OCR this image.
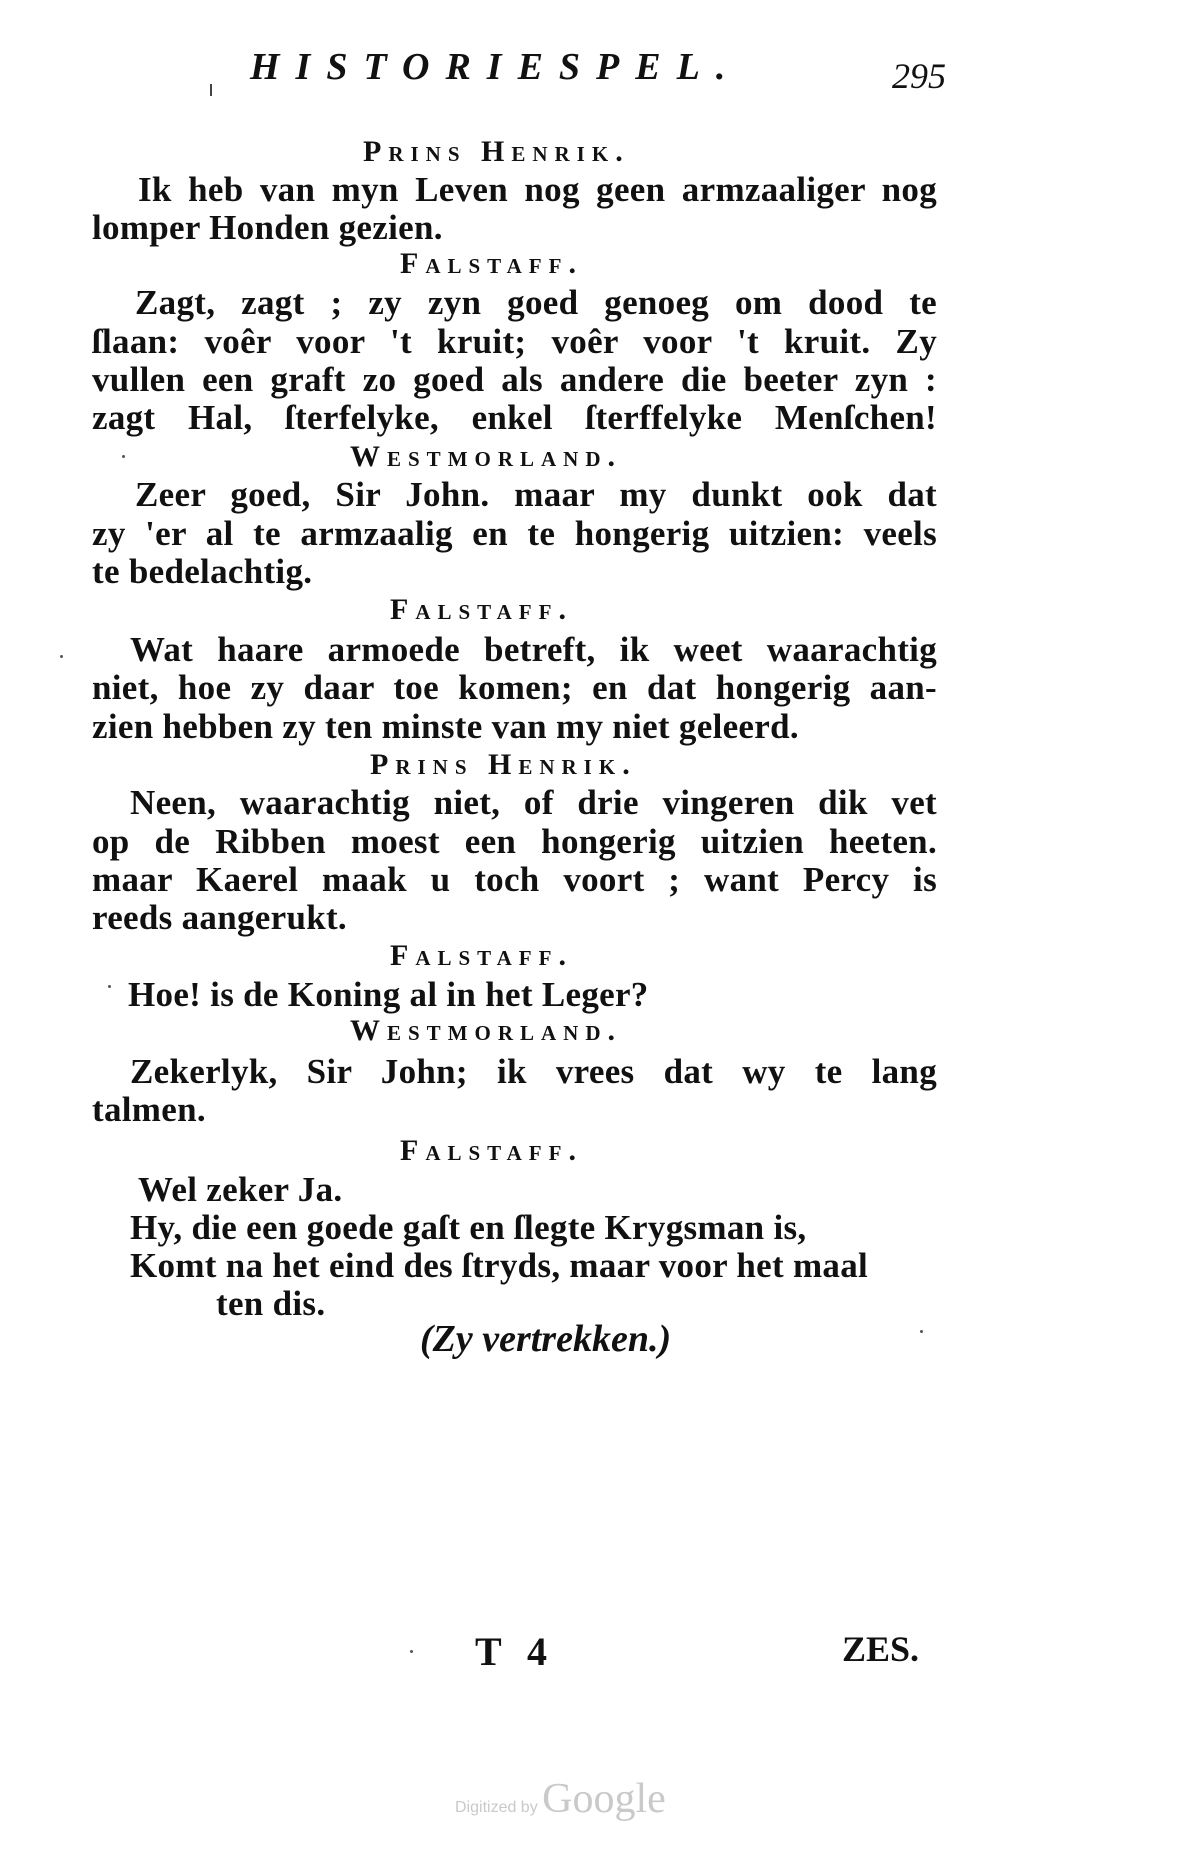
HISTORIESPEL.	295
Prins Henrik.
Ik heb van myn Leven nog geen armzaaliger nog
lomper Honden gezien.
Falstaff.
Zagt, zagt ; zy zyn goed genoeg om dood te
ſlaan: voêr voor 't kruit; voêr voor 't kruit. Zy
vullen een graft zo goed als andere die beeter zyn :
zagt Hal, ſterfelyke, enkel ſterffelyke Menſchen!
Westmorland.
Zeer goed, Sir John. maar my dunkt ook dat
zy 'er al te armzaalig en te hongerig uitzien: veels
te bedelachtig.
Falstaff.
Wat haare armoede betreft, ik weet waarachtig
niet, hoe zy daar toe komen; en dat hongerig aan-
zien hebben zy ten minste van my niet geleerd.
Prins Henrik.
Neen, waarachtig niet, of drie vingeren dik vet
op de Ribben moest een hongerig uitzien heeten.
maar Kaerel maak u toch voort ; want Percy is
reeds aangerukt.
Falstaff.
Hoe! is de Koning al in het Leger?
Westmorland.
Zekerlyk, Sir John; ik vrees dat wy te lang
talmen.
Falstaff.
Wel zeker Ja.
Hy, die een goede gaſt en ſlegte Krygsman is,
Komt na het eind des ſtryds, maar voor het maal
ten dis.
(Zy vertrekken.)
T 4	ZES.
Digitized by Google
